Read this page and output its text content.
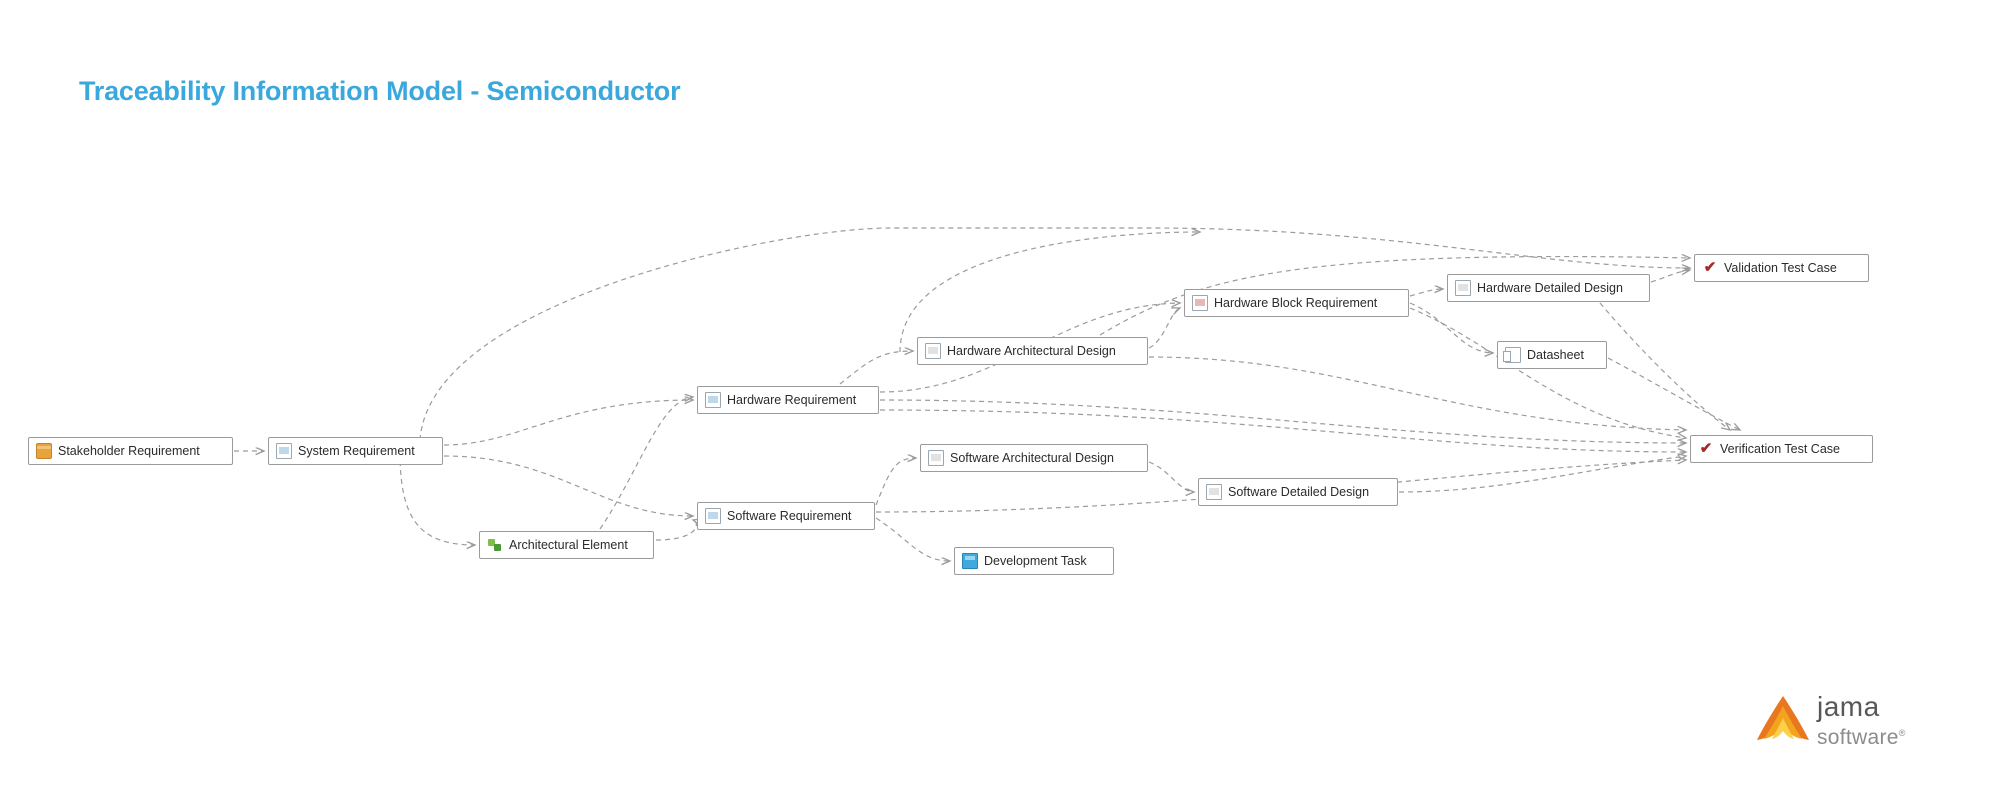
Traceability Information Model - Semiconductor
Stakeholder Requirement	System Requirement
Architectural Element
Hardware Requirement
Software Requirement
Hardware Architectural Design
Software Architectural Design
Development Task
Hardware Block Requirement
Software Detailed Design
Hardware Detailed Design
Datasheet
✔
Validation Test Case
✔
Verification Test Case
jama
software®
